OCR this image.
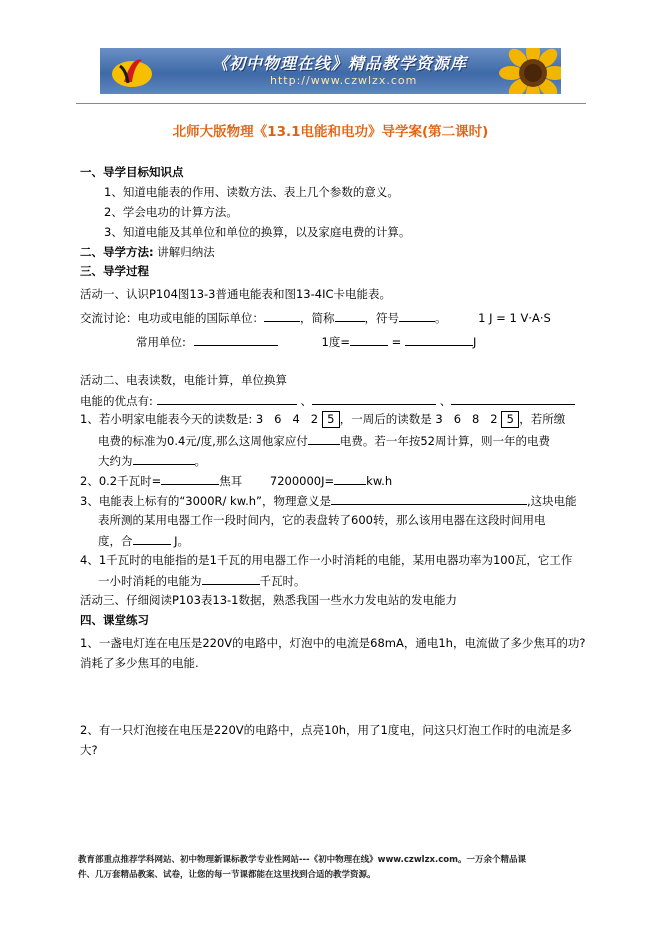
《初中物理在线》精品教学资源库
http://www.czwlzx.com
北师大版物理《13.1电能和电功》导学案(第二课时)
一、导学目标知识点
1、知道电能表的作用、读数方法、表上几个参数的意义。
2、学会电功的计算方法。
3、知道电能及其单位和单位的换算，以及家庭电费的计算。
二、导学方法: 讲解归纳法
三、导学过程
活动一、认识P104图13-3普通电能表和图13-4IC卡电能表。
交流讨论：电功或电能的国际单位：	，简称	，符号	。	1 J = 1 V·A·S
常用单位:	1度=	=	J
活动二、电表读数，电能计算，单位换算
电能的优点有:	、	、
1、若小明家电能表今天的读数是: 3 6 4 2 5 ，一周后的读数是 3 6 8 2 5 ，若所缴
电费的标准为0.4元/度,那么这周他家应付	电费。若一年按52周计算，则一年的电费
大约为	。
2、0.2千瓦时=	焦耳 7200000J=	kw.h
3、电能表上标有的“3000R/ kw.h”，物理意义是	,这块电能
表所测的某用电器工作一段时间内，它的表盘转了600转，那么该用电器在这段时间用电
度，合	J。
4、1千瓦时的电能指的是1千瓦的用电器工作一小时消耗的电能，某用电器功率为100瓦，它工作
一小时消耗的电能为	千瓦时。
活动三、仔细阅读P103表13-1数据，熟悉我国一些水力发电站的发电能力
四、课堂练习
1、一盏电灯连在电压是220V的电路中，灯泡中的电流是68mA，通电1h，电流做了多少焦耳的功?
消耗了多少焦耳的电能.
2、有一只灯泡接在电压是220V的电路中，点亮10h，用了1度电，问这只灯泡工作时的电流是多
大?
教育部重点推荐学科网站、初中物理新课标教学专业性网站---《初中物理在线》www.czwlzx.com。一万余个精品课
件、几万套精品教案、试卷，让您的每一节课都能在这里找到合适的教学资源。
